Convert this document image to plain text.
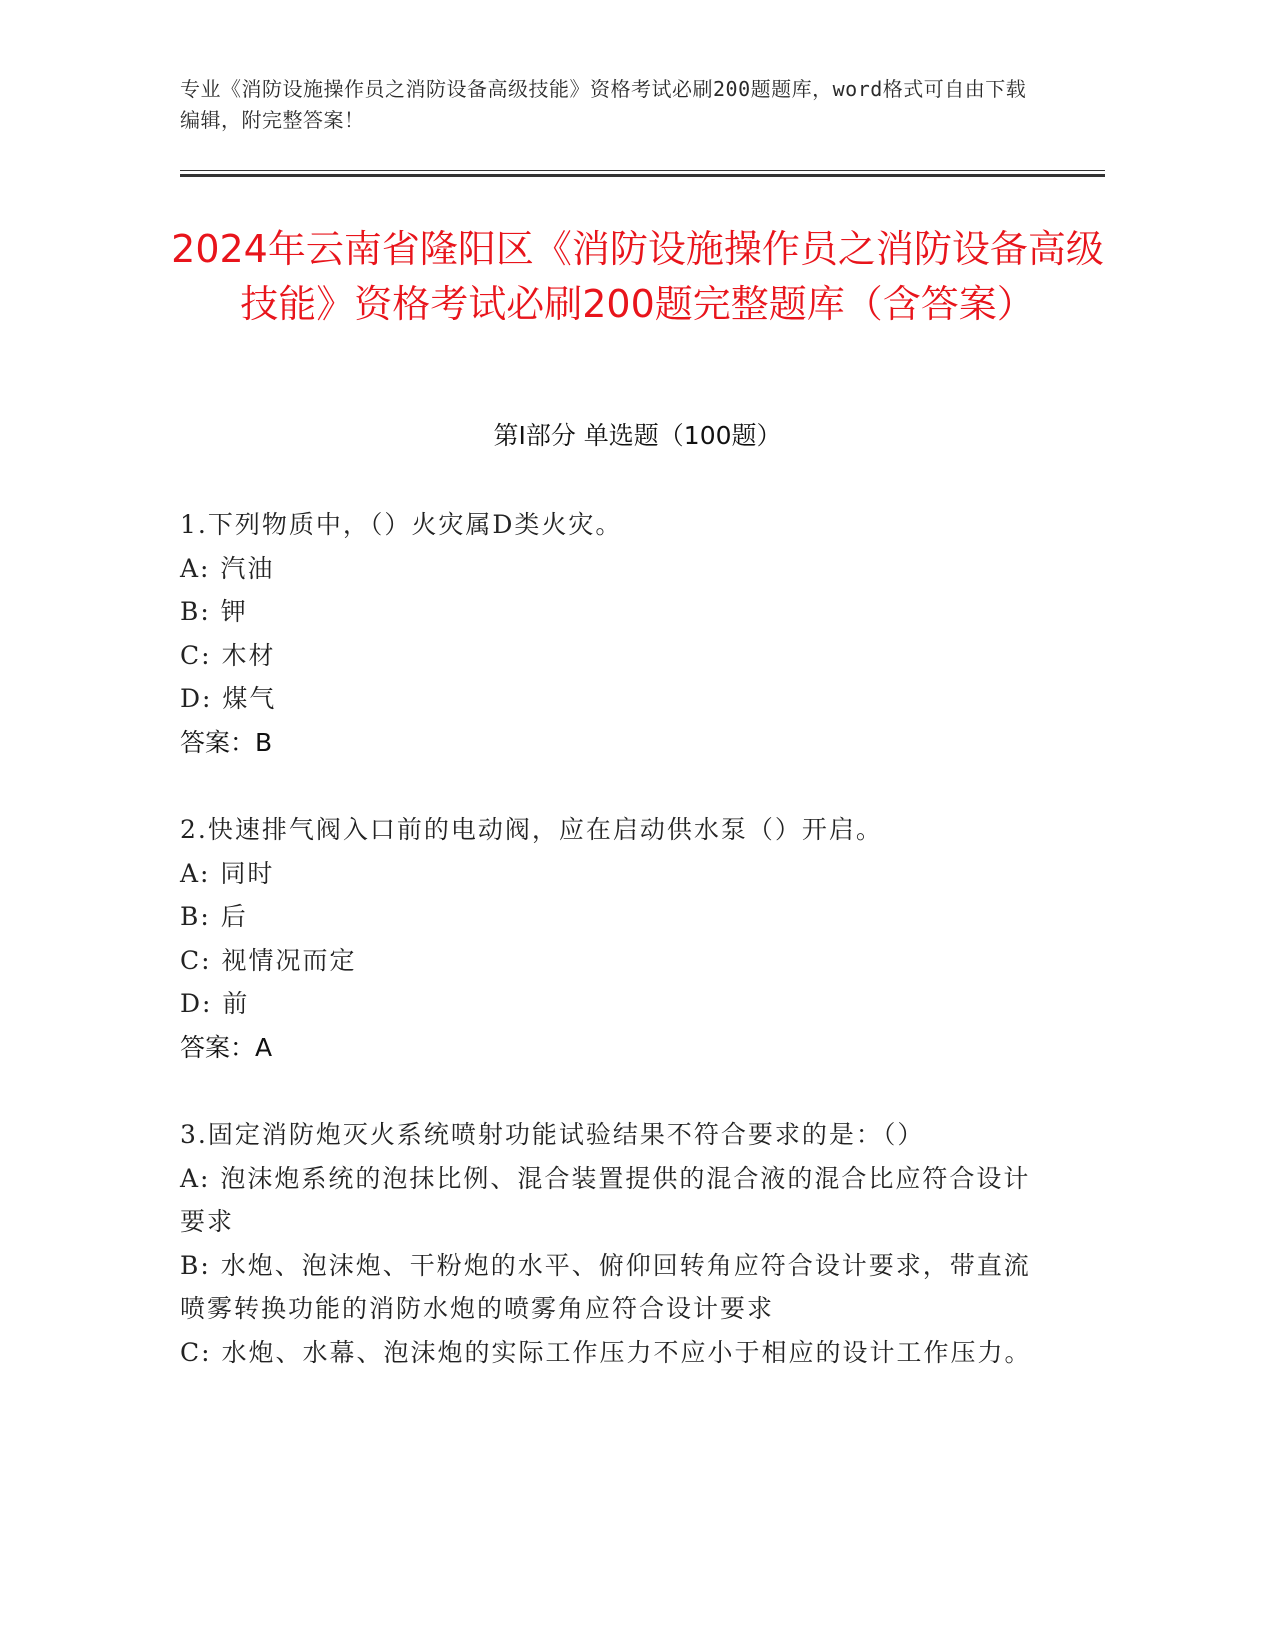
专业《消防设施操作员之消防设备高级技能》资格考试必刷200题题库，word格式可自由下载编辑，附完整答案！
2024年云南省隆阳区《消防设施操作员之消防设备高级技能》资格考试必刷200题完整题库（含答案）
第I部分 单选题（100题）
1.下列物质中，（）火灾属D类火灾。
A: 汽油
B: 钾
C: 木材
D: 煤气
答案：B
2.快速排气阀入口前的电动阀，应在启动供水泵（）开启。
A: 同时
B: 后
C: 视情况而定
D: 前
答案：A
3.固定消防炮灭火系统喷射功能试验结果不符合要求的是：（）
A: 泡沫炮系统的泡抹比例、混合装置提供的混合液的混合比应符合设计要求
B: 水炮、泡沫炮、干粉炮的水平、俯仰回转角应符合设计要求，带直流喷雾转换功能的消防水炮的喷雾角应符合设计要求
C: 水炮、水幕、泡沫炮的实际工作压力不应小于相应的设计工作压力。
